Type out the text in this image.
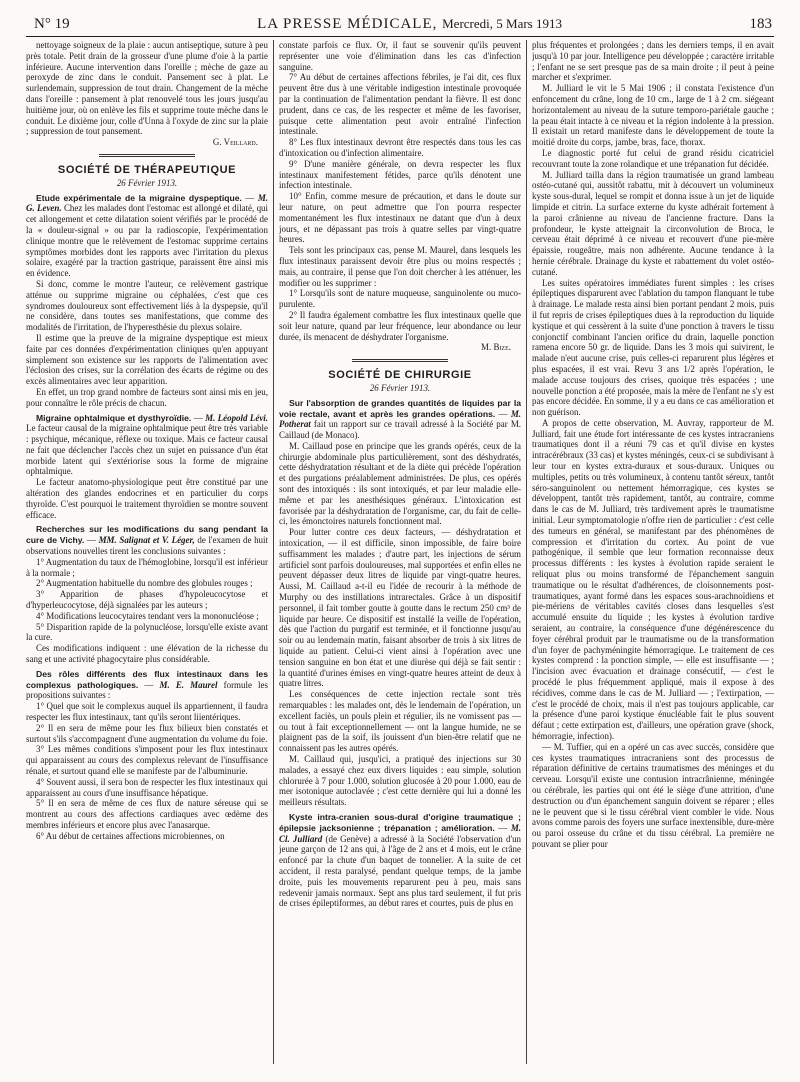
N° 19	LA PRESSE MÉDICALE, Mercredi, 5 Mars 1913	183

nettoyage soigneux de la plaie : aucun antiseptique, suture à peu près totale. Petit drain de la grosseur d'une plume d'oie à la partie inférieure. Aucune intervention dans l'oreille ; mèche de gaze au peroxyde de zinc dans le conduit. Pansement sec à plat. Le surlendemain, suppression de tout drain. Changement de la mèche dans l'oreille : pansement à plat renouvelé tous les jours jusqu'au huitième jour, où on enlève les fils et supprime toute mèche dans le conduit. Le dixième jour, colle d'Unna à l'oxyde de zinc sur la plaie ; suppression de tout pansement.

G. Veillard.
SOCIÉTÉ DE THÉRAPEUTIQUE
26 Février 1913.

Etude expérimentale de la migraine dyspeptique. — M. G. Leven. Chez les malades dont l'estomac est allongé et dilaté, qui cet allongement et cette dilatation soient vérifiés par le procédé de la « douleur-signal » ou par la radioscopie, l'expérimentation clinique montre que le relèvement de l'estomac supprime certains symptômes morbides dont les rapports avec l'irritation du plexus solaire, exagéré par la traction gastrique, paraissent être ainsi mis en évidence.

Si donc, comme le montre l'auteur, ce relèvement gastrique atténue ou supprime migraine ou céphalées, c'est que ces syndromes douloureux sont effectivement liés à la dyspepsie, qu'il ne considère, dans toutes ses manifestations, que comme des modalités de l'irritation, de l'hyperesthésie du plexus solaire.

Il estime que la preuve de la migraine dyspeptique est mieux faite par ces données d'expérimentation cliniques qu'en appuyant simplement son existence sur les rapports de l'alimentation avec l'éclosion des crises, sur la corrélation des écarts de régime ou des excès alimentaires avec leur apparition.

En effet, un trop grand nombre de facteurs sont ainsi mis en jeu, pour connaître le rôle précis de chacun.

Migraine ophtalmique et dysthyroïdie. — M. Léopold Lévi. Le facteur causal de la migraine ophtalmique peut être très variable : psychique, mécanique, réflexe ou toxique. Mais ce facteur causal ne fait que déclencher l'accès chez un sujet en puissance d'un état morbide latent qui s'extériorise sous la forme de migraine ophtalmique.

Le facteur anatomo-physiologique peut être constitué par une altération des glandes endocrines et en particulier du corps thyroïde. C'est pourquoi le traitement thyroïdien se montre souvent efficace.

Recherches sur les modifications du sang pendant la cure de Vichy. — MM. Salignat et V. Léger, de l'examen de huit observations nouvelles tirent les conclusions suivantes :

1° Augmentation du taux de l'hémoglobine, lorsqu'il est inférieur à la normale ;

2° Augmentation habituelle du nombre des globules rouges ;

3° Apparition de phases d'hypoleucocytose et d'hyperleucocytose, déjà signalées par les auteurs ;

4° Modifications leucocytaires tendant vers la mononucléose ;

5° Disparition rapide de la polynucléose, lorsqu'elle existe avant la cure.

Ces modifications indiquent : une élévation de la richesse du sang et une activité phagocytaire plus considérable.

Des rôles différents des flux intestinaux dans les complexus pathologiques. — M. E. Maurel formule les propositions suivantes :

1° Quel que soit le complexus auquel ils appartiennent, il faudra respecter les flux intestinaux, tant qu'ils seront liientériques.

2° Il en sera de même pour les flux bilieux bien constatés et surtout s'ils s'accompagnent d'une augmentation du volume du foie.

3° Les mêmes conditions s'imposent pour les flux intestinaux qui apparaissent au cours des complexus relevant de l'insuffisance rénale, et surtout quand elle se manifeste par de l'albuminurie.

4° Souvent aussi, il sera bon de respecter les flux intestinaux qui apparaissent au cours d'une insuffisance hépatique.

5° Il en sera de même de ces flux de nature séreuse qui se montrent au cours des affections cardiaques avec œdème des membres inférieurs et encore plus avec l'anasarque.

6° Au début de certaines affections microbiennes, on

constate parfois ce flux. Or, il faut se souvenir qu'ils peuvent représenter une voie d'élimination dans les cas d'infection sanguine.

7° Au début de certaines affections fébriles, je l'ai dit, ces flux peuvent être dus à une véritable indigestion intestinale provoquée par la continuation de l'alimentation pendant la fièvre. Il est donc prudent, dans ce cas, de les respecter et même de les favoriser, puisque cette alimentation peut avoir entraîné l'infection intestinale.

8° Les flux intestinaux devront être respectés dans tous les cas d'intoxication ou d'infection alimentaire.

9° D'une manière générale, on devra respecter les flux intestinaux manifestement fétides, parce qu'ils dénotent une infection intestinale.

10° Enfin, comme mesure de précaution, et dans le doute sur leur nature, on peut admettre que l'on pourra respecter momentanément les flux intestinaux ne datant que d'un à deux jours, et ne dépassant pas trois à quatre selles par vingt-quatre heures.

Tels sont les principaux cas, pense M. Maurel, dans lesquels les flux intestinaux paraissent devoir être plus ou moins respectés ; mais, au contraire, il pense que l'on doit chercher à les atténuer, les modifier ou les supprimer :

1° Lorsqu'ils sont de nature muqueuse, sanguinolente ou muco-purulente.

2° Il faudra également combattre les flux intestinaux quelle que soit leur nature, quand par leur fréquence, leur abondance ou leur durée, ils menacent de déshydrater l'organisme.

M. Bize.
SOCIÉTÉ DE CHIRURGIE
26 Février 1913.

Sur l'absorption de grandes quantités de liquides par la voie rectale, avant et après les grandes opérations. — M. Potherat fait un rapport sur ce travail adressé à la Société par M. Caillaud (de Monaco).

M. Caillaud pose en principe que les grands opérés, ceux de la chirurgie abdominale plus particulièrement, sont des déshydratés, cette déshydratation résultant et de la diète qui précède l'opération et des purgations préalablement administrées. De plus, ces opérés sont des intoxiqués : ils sont intoxiqués, et par leur maladie elle-même et par les anesthésiques généraux. L'intoxication est favorisée par la déshydratation de l'organisme, car, du fait de celle-ci, les émonctoires naturels fonctionnent mal.

Pour lutter contre ces deux facteurs, — déshydratation et intoxication, — il est difficile, sinon impossible, de faire boire suffisamment les malades ; d'autre part, les injections de sérum artificiel sont parfois douloureuses, mal supportées et enfin elles ne peuvent dépasser deux litres de liquide par vingt-quatre heures. Aussi, M. Caillaud a-t-il eu l'idée de recourir à la méthode de Murphy ou des instillations intrarectales. Grâce à un dispositif personnel, il fait tomber goutte à goutte dans le rectum 250 cm³ de liquide par heure. Ce dispositif est installé la veille de l'opération, dès que l'action du purgatif est terminée, et il fonctionne jusqu'au soir ou au lendemain matin, faisant absorber de trois à six litres de liquide au patient. Celui-ci vient ainsi à l'opération avec une tension sanguine en bon état et une diurèse qui déjà se fait sentir : la quantité d'urines émises en vingt-quatre heures atteint de deux à quatre litres.

Les conséquences de cette injection rectale sont très remarquables : les malades ont, dès le lendemain de l'opération, un excellent faciès, un pouls plein et régulier, ils ne vomissent pas — ou tout à fait exceptionnellement — ont la langue humide, ne se plaignent pas de la soif, ils jouissent d'un bien-être relatif que ne connaissent pas les autres opérés.

M. Caillaud qui, jusqu'ici, a pratiqué des injections sur 30 malades, a essayé chez eux divers liquides : eau simple, solution chlorurée à 7 pour 1.000, solution glucosée à 20 pour 1.000, eau de mer isotonique autoclavée ; c'est cette dernière qui lui a donné les meilleurs résultats.

Kyste intra-cranien sous-dural d'origine traumatique ; épilepsie jacksonienne ; trépanation ; amélioration. — M. Cl. Julliard (de Genève) a adressé à la Société l'observation d'un jeune garçon de 12 ans qui, à l'âge de 2 ans et 4 mois, eut le crâne enfoncé par la chute d'un baquet de tonnelier. A la suite de cet accident, il resta paralysé, pendant quelque temps, de la jambe droite, puis les mouvements reparurent peu à peu, mais sans redevenir jamais normaux. Sept ans plus tard seulement, il fut pris de crises épileptiformes, au début rares et courtes, puis de plus en

plus fréquentes et prolongées ; dans les derniers temps, il en avait jusqu'à 10 par jour. Intelligence peu développée ; caractère irritable ; l'enfant ne se sert presque pas de sa main droite ; il peut à peine marcher et s'exprimer.

M. Julliard le vit le 5 Mai 1906 ; il constata l'existence d'un enfoncement du crâne, long de 10 cm., large de 1 à 2 cm. siégeant horizontalement au niveau de la suture temporo-pariétale gauche ; la peau était intacte à ce niveau et la région indolente à la pression. Il existait un retard manifeste dans le développement de toute la moitié droite du corps, jambe, bras, face, thorax.

Le diagnostic porté fut celui de grand résidu cicatriciel recouvrant toute la zone rolandique et une trépanation fut décidée.

M. Julliard tailla dans la région traumatisée un grand lambeau ostéo-cutané qui, aussitôt rabattu, mit à découvert un volumineux kyste sous-dural, lequel se rompit et donna issue à un jet de liquide limpide et citrin. La surface externe du kyste adhérait fortement à la paroi crânienne au niveau de l'ancienne fracture. Dans la profondeur, le kyste atteignait la circonvolution de Broca, le cerveau était déprimé à ce niveau et recouvert d'une pie-mère épaissie, rougeâtre, mais non adhérente. Aucune tendance à la hernie cérébrale. Drainage du kyste et rabattement du volet ostéo-cutané.

Les suites opératoires immédiates furent simples : les crises épileptiques disparurent avec l'ablation du tampon flanquant le tube à drainage. Le malade resta ainsi bien portant pendant 2 mois, puis il fut repris de crises épileptiques dues à la reproduction du liquide kystique et qui cessèrent à la suite d'une ponction à travers le tissu conjonctif combinant l'ancien orifice du drain, laquelle ponction ramena encore 50 gr. de liquide. Dans les 3 mois qui suivirent, le malade n'eut aucune crise, puis celles-ci reparurent plus légères et plus espacées, il est vrai. Revu 3 ans 1/2 après l'opération, le malade accuse toujours des crises, quoique très espacées ; une nouvelle ponction a été proposée, mais la mère de l'enfant ne s'y est pas encore décidée. En somme, il y a eu dans ce cas amélioration et non guérison.

A propos de cette observation, M. Auvray, rapporteur de M. Julliard, fait une étude fort intéressante de ces kystes intracraniens traumatiques dont il a réuni 79 cas et qu'il divise en kystes intracérébraux (33 cas) et kystes méningés, ceux-ci se subdivisant à leur tour en kystes extra-duraux et sous-duraux. Uniques ou multiples, petits ou très volumineux, à contenu tantôt séreux, tantôt séro-sanguinolent ou nettement hémorragique, ces kystes se développent, tantôt très rapidement, tantôt, au contraire, comme dans le cas de M. Julliard, très tardivement après le traumatisme initial. Leur symptomatologie n'offre rien de particulier : c'est celle des tumeurs en général, se manifestant par des phénomènes de compression et d'irritation du cortex. Au point de vue pathogénique, il semble que leur formation reconnaisse deux processus différents : les kystes à évolution rapide seraient le reliquat plus ou moins transformé de l'épanchement sanguin traumatique ou le résultat d'adhérences, de cloisonnements post-traumatiques, ayant formé dans les espaces sous-arachnoïdiens et pie-mériens de véritables cavités closes dans lesquelles s'est accumulé ensuite du liquide ; les kystes à évolution tardive seraient, au contraire, la conséquence d'une dégénérescence du foyer cérébral produit par le traumatisme ou de la transformation d'un foyer de pachyméningite hémorragique. Le traitement de ces kystes comprend : la ponction simple, — elle est insuffisante — ; l'incision avec évacuation et drainage consécutif, — c'est le procédé le plus fréquemment appliqué, mais il expose à des récidives, comme dans le cas de M. Julliard — ; l'extirpation, — c'est le procédé de choix, mais il n'est pas toujours applicable, car la présence d'une paroi kystique énucléable fait le plus souvent défaut ; cette extirpation est, d'ailleurs, une opération grave (shock, hémorragie, infection).

— M. Tuffier, qui en a opéré un cas avec succès, considère que ces kystes traumatiques intracraniens sont des processus de réparation définitive de certains traumatismes des méninges et du cerveau. Lorsqu'il existe une contusion intracrânienne, méningée ou cérébrale, les parties qui ont été le siège d'une attrition, d'une destruction ou d'un épanchement sanguin doivent se réparer ; elles ne le peuvent que si le tissu cérébral vient combler le vide. Nous avons comme parois des foyers une surface inextensible, dure-mère ou paroi osseuse du crâne et du tissu cérébral. La première ne pouvant se plier pour
